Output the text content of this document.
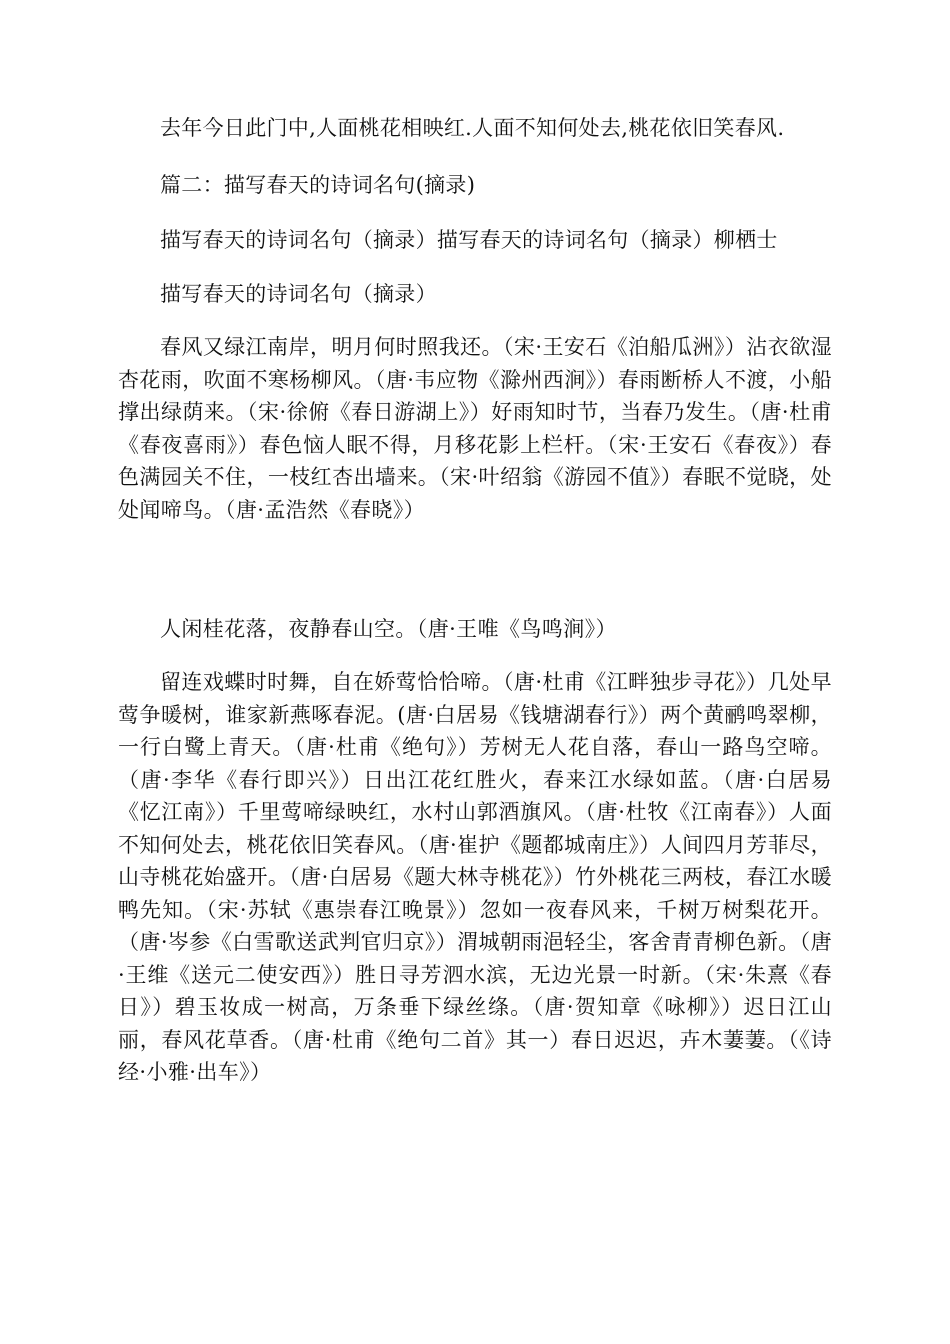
去年今日此门中,人面桃花相映红.人面不知何处去,桃花依旧笑春风.
篇二：描写春天的诗词名句(摘录)
描写春天的诗词名句（摘录）描写春天的诗词名句（摘录）柳栖士
描写春天的诗词名句（摘录）

春风又绿江南岸，明月何时照我还。（宋·王安石《泊船瓜洲》）沾衣欲湿杏花雨，吹面不寒杨柳风。（唐·韦应物《滁州西涧》）春雨断桥人不渡，小船撑出绿荫来。（宋·徐俯《春日游湖上》）好雨知时节，当春乃发生。（唐·杜甫《春夜喜雨》）春色恼人眠不得，月移花影上栏杆。（宋·王安石《春夜》）春色满园关不住，一枝红杏出墙来。（宋·叶绍翁《游园不值》）春眠不觉晓，处处闻啼鸟。（唐·孟浩然《春晓》）

人闲桂花落，夜静春山空。（唐·王唯《鸟鸣涧》）

留连戏蝶时时舞，自在娇莺恰恰啼。（唐·杜甫《江畔独步寻花》）几处早莺争暖树，谁家新燕啄春泥。(唐·白居易《钱塘湖春行》）两个黄鹂鸣翠柳，一行白鹭上青天。（唐·杜甫《绝句》）芳树无人花自落，春山一路鸟空啼。（唐·李华《春行即兴》）日出江花红胜火，春来江水绿如蓝。（唐·白居易《忆江南》）千里莺啼绿映红，水村山郭酒旗风。（唐·杜牧《江南春》）人面不知何处去，桃花依旧笑春风。（唐·崔护《题都城南庄》）人间四月芳菲尽，山寺桃花始盛开。（唐·白居易《题大林寺桃花》）竹外桃花三两枝，春江水暖鸭先知。（宋·苏轼《惠崇春江晚景》）忽如一夜春风来，千树万树梨花开。（唐·岑参《白雪歌送武判官归京》）渭城朝雨浥轻尘，客舍青青柳色新。（唐·王维《送元二使安西》）胜日寻芳泗水滨，无边光景一时新。（宋·朱熹《春日》）碧玉妆成一树高，万条垂下绿丝绦。（唐·贺知章《咏柳》）迟日江山丽，春风花草香。（唐·杜甫《绝句二首》其一）春日迟迟，卉木萋萋。（《诗经·小雅·出车》）
